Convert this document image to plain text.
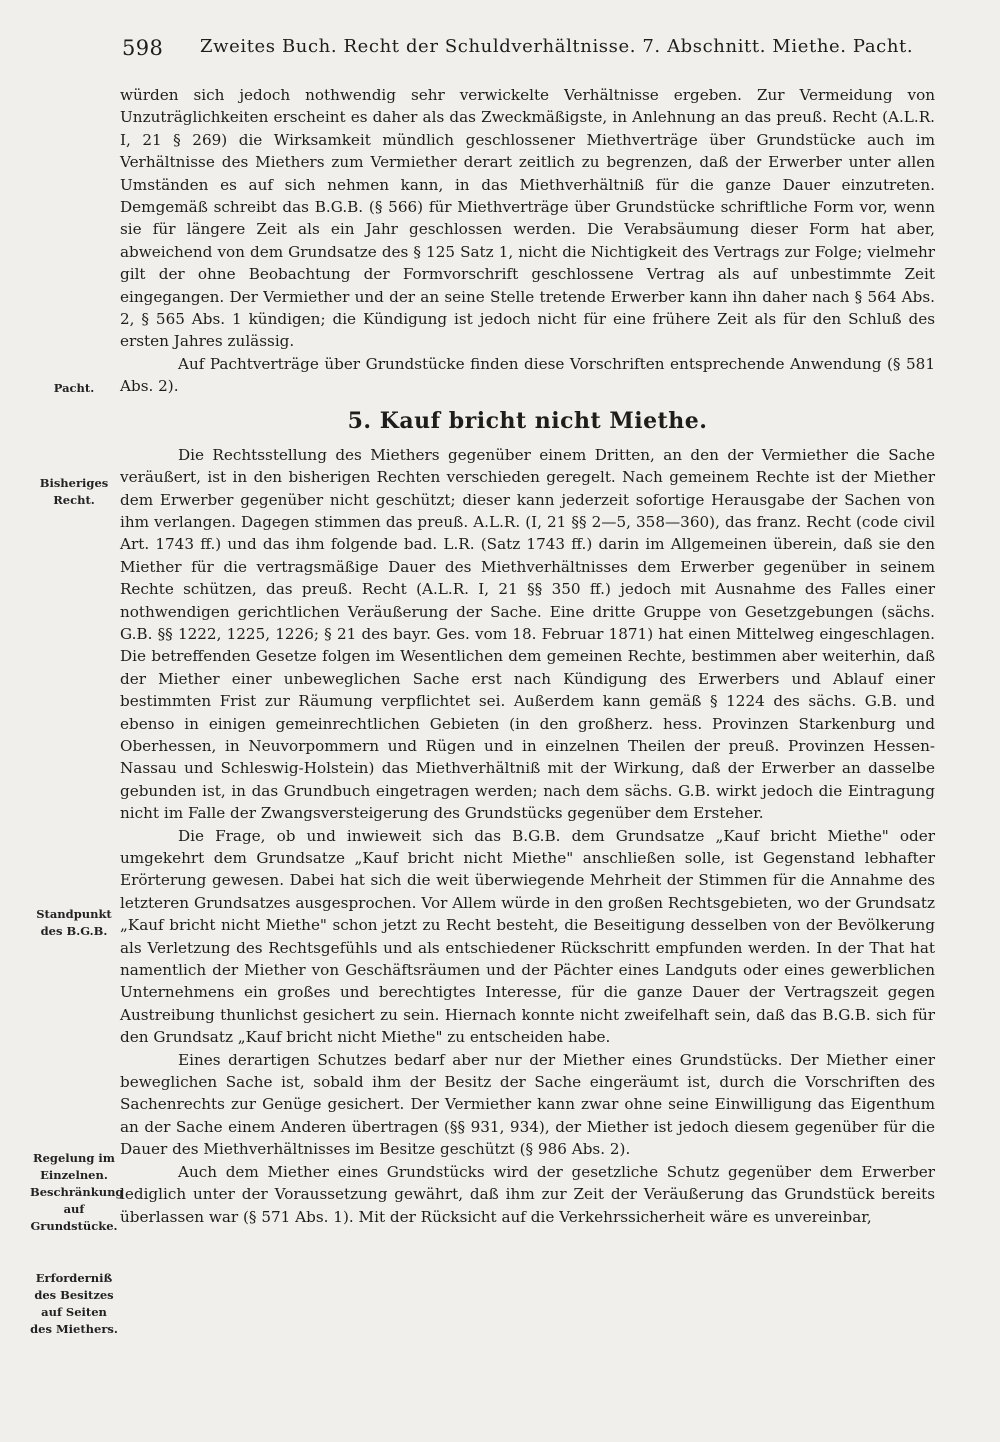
598 Zweites Buch. Recht der Schuldverhältnisse. 7. Abschnitt. Miethe. Pacht.
Pacht.
Bisheriges Recht.
Standpunkt des B.G.B.
Regelung im Einzelnen. Beschränkung auf Grundstücke.
Erforderniß des Besitzes auf Seiten des Miethers.

würden sich jedoch nothwendig sehr verwickelte Verhältnisse ergeben. Zur Vermeidung von Unzuträglichkeiten erscheint es daher als das Zweckmäßigste, in Anlehnung an das preuß. Recht (A.L.R. I, 21 § 269) die Wirksamkeit mündlich geschlossener Miethverträge über Grundstücke auch im Verhältnisse des Miethers zum Vermiether derart zeitlich zu begrenzen, daß der Erwerber unter allen Umständen es auf sich nehmen kann, in das Miethverhältniß für die ganze Dauer einzutreten. Demgemäß schreibt das B.G.B. (§ 566) für Miethverträge über Grundstücke schriftliche Form vor, wenn sie für längere Zeit als ein Jahr geschlossen werden. Die Verabsäumung dieser Form hat aber, abweichend von dem Grundsatze des § 125 Satz 1, nicht die Nichtigkeit des Vertrags zur Folge; vielmehr gilt der ohne Beobachtung der Formvorschrift geschlossene Vertrag als auf unbestimmte Zeit eingegangen. Der Vermiether und der an seine Stelle tretende Erwerber kann ihn daher nach § 564 Abs. 2, § 565 Abs. 1 kündigen; die Kündigung ist jedoch nicht für eine frühere Zeit als für den Schluß des ersten Jahres zulässig.

Auf Pachtverträge über Grundstücke finden diese Vorschriften entsprechende Anwendung (§ 581 Abs. 2).

5. Kauf bricht nicht Miethe.

Die Rechtsstellung des Miethers gegenüber einem Dritten, an den der Vermiether die Sache veräußert, ist in den bisherigen Rechten verschieden geregelt. Nach gemeinem Rechte ist der Miether dem Erwerber gegenüber nicht geschützt; dieser kann jederzeit sofortige Herausgabe der Sachen von ihm verlangen. Dagegen stimmen das preuß. A.L.R. (I, 21 §§ 2—5, 358—360), das franz. Recht (code civil Art. 1743 ff.) und das ihm folgende bad. L.R. (Satz 1743 ff.) darin im Allgemeinen überein, daß sie den Miether für die vertragsmäßige Dauer des Miethverhältnisses dem Erwerber gegenüber in seinem Rechte schützen, das preuß. Recht (A.L.R. I, 21 §§ 350 ff.) jedoch mit Ausnahme des Falles einer nothwendigen gerichtlichen Veräußerung der Sache. Eine dritte Gruppe von Gesetzgebungen (sächs. G.B. §§ 1222, 1225, 1226; § 21 des bayr. Ges. vom 18. Februar 1871) hat einen Mittelweg eingeschlagen. Die betreffenden Gesetze folgen im Wesentlichen dem gemeinen Rechte, bestimmen aber weiterhin, daß der Miether einer unbeweglichen Sache erst nach Kündigung des Erwerbers und Ablauf einer bestimmten Frist zur Räumung verpflichtet sei. Außerdem kann gemäß § 1224 des sächs. G.B. und ebenso in einigen gemeinrechtlichen Gebieten (in den großherz. hess. Provinzen Starkenburg und Oberhessen, in Neuvorpommern und Rügen und in einzelnen Theilen der preuß. Provinzen Hessen-Nassau und Schleswig-Holstein) das Miethverhältniß mit der Wirkung, daß der Erwerber an dasselbe gebunden ist, in das Grundbuch eingetragen werden; nach dem sächs. G.B. wirkt jedoch die Eintragung nicht im Falle der Zwangsversteigerung des Grundstücks gegenüber dem Ersteher.

Die Frage, ob und inwieweit sich das B.G.B. dem Grundsatze „Kauf bricht Miethe" oder umgekehrt dem Grundsatze „Kauf bricht nicht Miethe" anschließen solle, ist Gegenstand lebhafter Erörterung gewesen. Dabei hat sich die weit überwiegende Mehrheit der Stimmen für die Annahme des letzteren Grundsatzes ausgesprochen. Vor Allem würde in den großen Rechtsgebieten, wo der Grundsatz „Kauf bricht nicht Miethe" schon jetzt zu Recht besteht, die Beseitigung desselben von der Bevölkerung als Verletzung des Rechtsgefühls und als entschiedener Rückschritt empfunden werden. In der That hat namentlich der Miether von Geschäftsräumen und der Pächter eines Landguts oder eines gewerblichen Unternehmens ein großes und berechtigtes Interesse, für die ganze Dauer der Vertragszeit gegen Austreibung thunlichst gesichert zu sein. Hiernach konnte nicht zweifelhaft sein, daß das B.G.B. sich für den Grundsatz „Kauf bricht nicht Miethe" zu entscheiden habe.

Eines derartigen Schutzes bedarf aber nur der Miether eines Grundstücks. Der Miether einer beweglichen Sache ist, sobald ihm der Besitz der Sache eingeräumt ist, durch die Vorschriften des Sachenrechts zur Genüge gesichert. Der Vermiether kann zwar ohne seine Einwilligung das Eigenthum an der Sache einem Anderen übertragen (§§ 931, 934), der Miether ist jedoch diesem gegenüber für die Dauer des Miethverhältnisses im Besitze geschützt (§ 986 Abs. 2).

Auch dem Miether eines Grundstücks wird der gesetzliche Schutz gegenüber dem Erwerber lediglich unter der Voraussetzung gewährt, daß ihm zur Zeit der Veräußerung das Grundstück bereits überlassen war (§ 571 Abs. 1). Mit der Rücksicht auf die Verkehrssicherheit wäre es unvereinbar,
